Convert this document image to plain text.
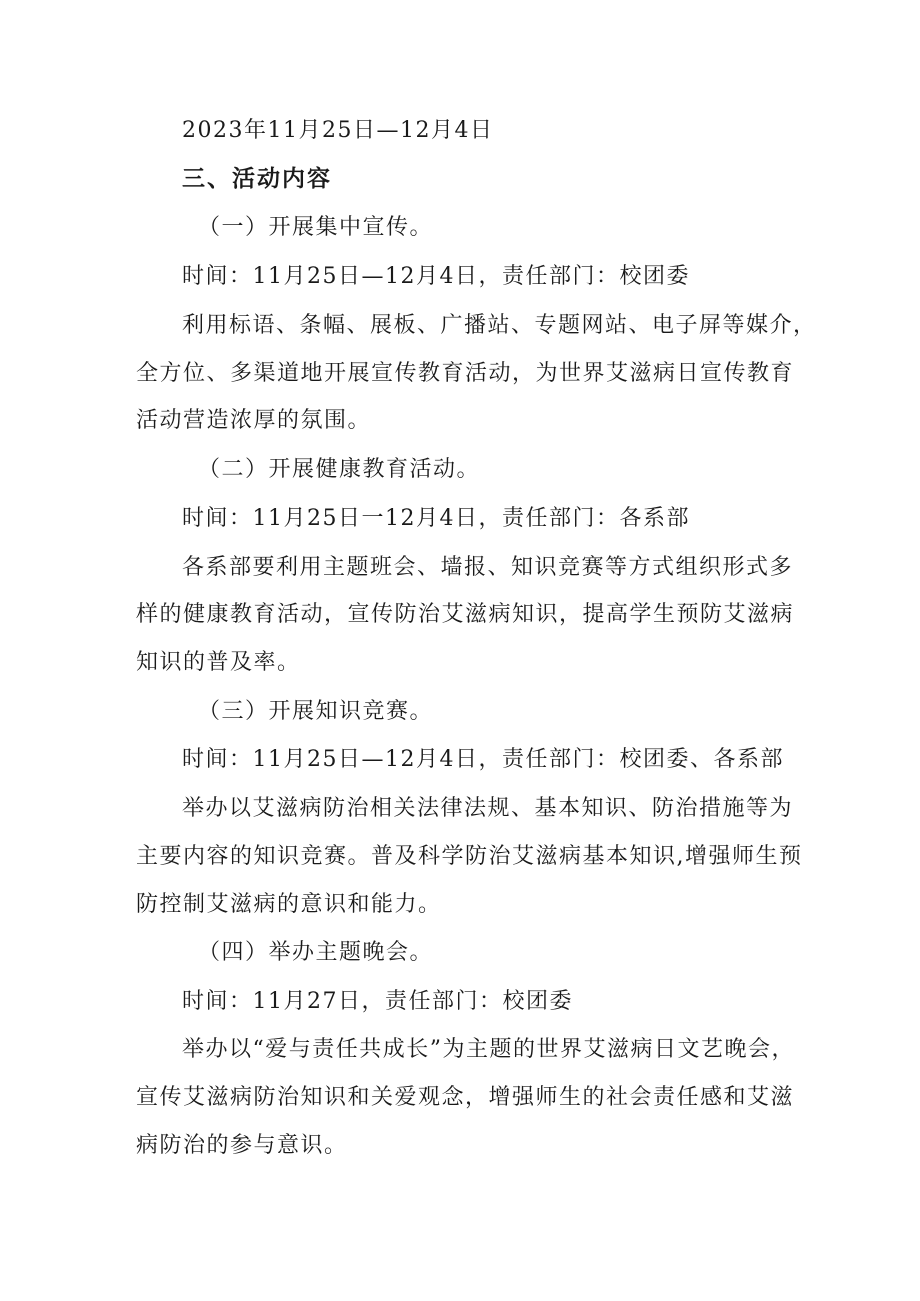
2023年11月25日—12月4日
三、活动内容
（一）开展集中宣传。
时间：11月25日—12月4日，责任部门：校团委
利用标语、条幅、展板、广播站、专题网站、电子屏等媒介，
全方位、多渠道地开展宣传教育活动，为世界艾滋病日宣传教育
活动营造浓厚的氛围。
（二）开展健康教育活动。
时间：11月25日一12月4日，责任部门：各系部
各系部要利用主题班会、墙报、知识竞赛等方式组织形式多
样的健康教育活动，宣传防治艾滋病知识，提高学生预防艾滋病
知识的普及率。
（三）开展知识竞赛。
时间：11月25日—12月4日，责任部门：校团委、各系部
举办以艾滋病防治相关法律法规、基本知识、防治措施等为
主要内容的知识竞赛。普及科学防治艾滋病基本知识,增强师生预
防控制艾滋病的意识和能力。
（四）举办主题晚会。
时间：11月27日，责任部门：校团委
举办以“爱与责任共成长”为主题的世界艾滋病日文艺晚会，
宣传艾滋病防治知识和关爱观念，增强师生的社会责任感和艾滋
病防治的参与意识。
